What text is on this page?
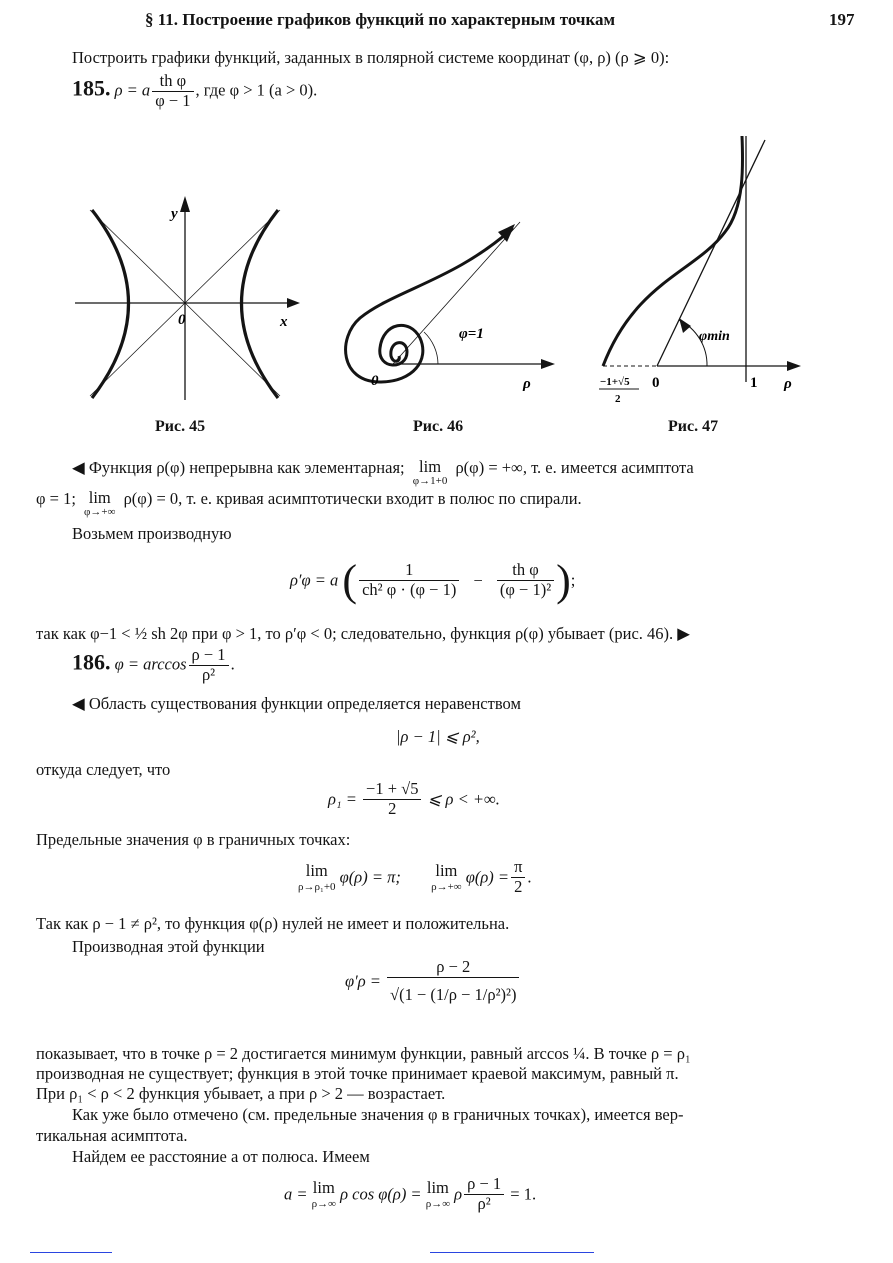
§ 11. Построение графиков функций по характерным точкам	197
Построить графики функций, заданных в полярной системе координат (φ, ρ) (ρ ⩾ 0):
185. ρ = a $\frac{\text{th φ}}{\varphi - 1}$ , где φ > 1 (a > 0).
y
0	x
Рис. 45
0	ρ
φ=1
Рис. 46
φmin
0	1 ρ
−1+√5
2
Рис. 47
◀ Функция ρ(φ) непрерывна как элементарная; lim
φ→1+0
ρ(φ) = +∞, т. е. имеется асимптота
φ = 1; lim
φ→+∞
ρ(φ) = 0, т. е. кривая асимптотически входит в полюс по спирали.
Возьмем производную
ρ′φ = a ( $\frac{1}{\text{ch² φ · (φ − 1)}} - \frac{\text{th φ}}{\text{(φ − 1)²}}$ );
так как φ−1 < ½ sh 2φ при φ > 1, то ρ′φ < 0; следовательно, функция ρ(φ) убывает (рис. 46). ▶
186. $\varphi = \arccos \frac{\rho - 1}{\text{ρ²}}$ .
◀ Область существования функции определяется неравенством
|ρ − 1| ⩽ ρ²,
откуда следует, что
$\rho_1 = \frac{-1 + √5}{2}$ ⩽ ρ < +∞.
Предельные значения φ в граничных точках:
lim
ρ→ρ₁+0
φ(ρ) = π; lim
ρ→+∞
$\varphi(\rho) = \frac{\pi}{2}$ .
Так как ρ − 1 ≠ ρ², то функция φ(ρ) нулей не имеет и положительна.
Производная этой функции
$\varphi'\rho = \frac{\rho - 2}{\text{√(1 − (1/ρ − 1/ρ²)²)}}$
показывает, что в точке ρ = 2 достигается минимум функции, равный arccos ¼. В точке ρ = ρ₁
производная не существует; функция в этой точке принимает краевой максимум, равный π.
При ρ₁ < ρ < 2 функция убывает, а при ρ > 2 — возрастает.
Как уже было отмечено (см. предельные значения φ в граничных точках), имеется вер-
тикальная асимптота.
Найдем ее расстояние a от полюса. Имеем
a = lim
ρ→∞
ρ cos φ(ρ) = lim
ρ→∞
ρ $\frac{\rho - 1}{\text{ρ²}} = 1$.
